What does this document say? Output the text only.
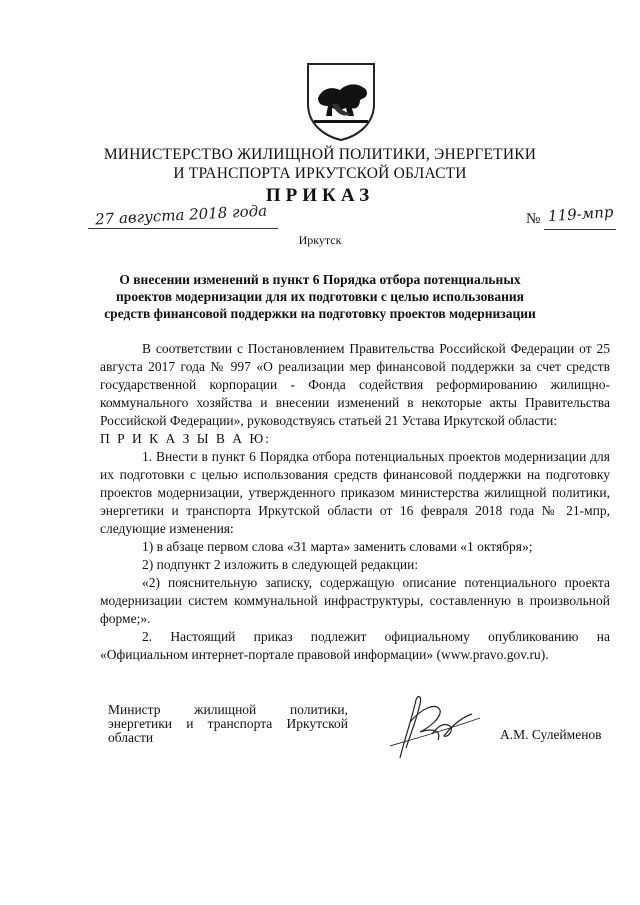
МИНИСТЕРСТВО ЖИЛИЩНОЙ ПОЛИТИКИ, ЭНЕРГЕТИКИ
И ТРАНСПОРТА ИРКУТСКОЙ ОБЛАСТИ
ПРИКАЗ
27 августа 2018 года	№ 119-мпр
Иркутск
О внесении изменений в пункт 6 Порядка отбора потенциальных
проектов модернизации для их подготовки с целью использования
средств финансовой поддержки на подготовку проектов модернизации

В соответствии с Постановлением Правительства Российской Федерации от 25 августа 2017 года № 997 «О реализации мер финансовой поддержки за счет средств государственной корпорации - Фонда содействия реформированию жилищно-коммунального хозяйства и внесении изменений в некоторые акты Правительства Российской Федерации», руководствуясь статьей 21 Устава Иркутской области:

П Р И К А З Ы В А Ю:

1. Внести в пункт 6 Порядка отбора потенциальных проектов модернизации для их подготовки с целью использования средств финансовой поддержки на подготовку проектов модернизации, утвержденного приказом министерства жилищной политики, энергетики и транспорта Иркутской области от 16 февраля 2018 года № 21-мпр, следующие изменения:

1) в абзаце первом слова «31 марта» заменить словами «1 октября»;

2) подпункт 2 изложить в следующей редакции:

«2) пояснительную записку, содержащую описание потенциального проекта модернизации систем коммунальной инфраструктуры, составленную в произвольной форме;».

2. Настоящий приказ подлежит официальному опубликованию на «Официальном интернет-портале правовой информации» (www.pravo.gov.ru).

Министр жилищной политики, энергетики и транспорта Иркутской области	А.М. Сулейменов
